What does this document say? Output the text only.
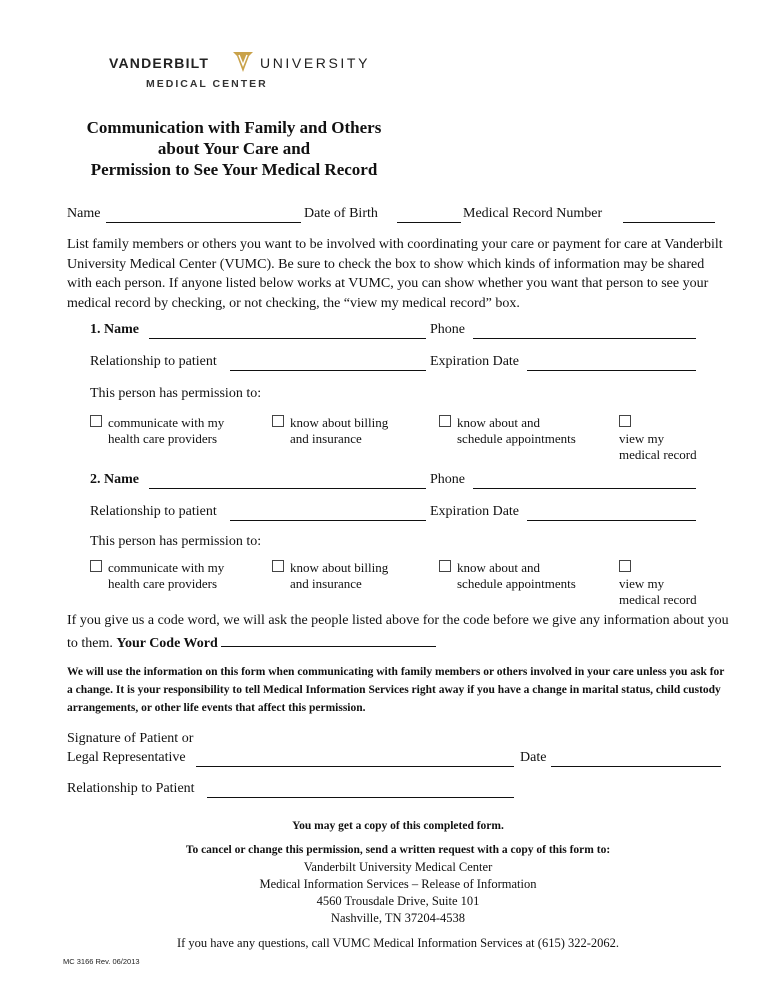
VANDERBILT	UNIVERSITY
MEDICAL CENTER
Communication with Family and Others
about Your Care and
Permission to See Your Medical Record
Name	Date of Birth	Medical Record Number
List family members or others you want to be involved with coordinating your care or payment for care at Vanderbilt University Medical Center (VUMC). Be sure to check the box to show which kinds of information may be shared with each person. If anyone listed below works at VUMC, you can show whether you want that person to see your medical record by checking, or not checking, the “view my medical record” box.
1. Name	Phone
Relationship to patient	Expiration Date
This person has permission to:
communicate with my
health care providers
know about billing
and insurance
know about and
schedule appointments	view my
medical record
2. Name	Phone
Relationship to patient	Expiration Date
This person has permission to:
communicate with my
health care providers
know about billing
and insurance
know about and
schedule appointments	view my
medical record
If you give us a code word, we will ask the people listed above for the code before we give any information about you to them. Your Code Word
We will use the information on this form when communicating with family members or others involved in your care unless you ask for a change. It is your responsibility to tell Medical Information Services right away if you have a change in marital status, child custody arrangements, or other life events that affect this permission.
Signature of Patient or
Legal Representative	Date
Relationship to Patient
You may get a copy of this completed form.
To cancel or change this permission, send a written request with a copy of this form to:
Vanderbilt University Medical Center
Medical Information Services – Release of Information
4560 Trousdale Drive, Suite 101
Nashville, TN 37204-4538
If you have any questions, call VUMC Medical Information Services at (615) 322-2062.
MC 3166 Rev. 06/2013
